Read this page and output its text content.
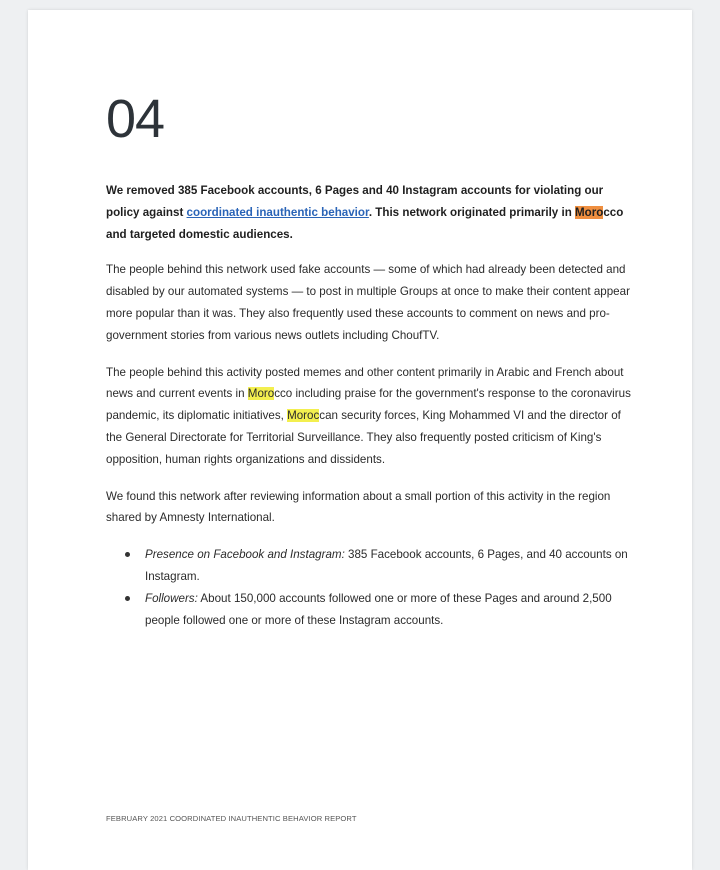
04

We removed 385 Facebook accounts, 6 Pages and 40 Instagram accounts for violating our policy against coordinated inauthentic behavior. This network originated primarily in Morocco and targeted domestic audiences.

The people behind this network used fake accounts — some of which had already been detected and disabled by our automated systems — to post in multiple Groups at once to make their content appear more popular than it was. They also frequently used these accounts to comment on news and pro-government stories from various news outlets including ChoufTV.

The people behind this activity posted memes and other content primarily in Arabic and French about news and current events in Morocco including praise for the government's response to the coronavirus pandemic, its diplomatic initiatives, Moroccan security forces, King Mohammed VI and the director of the General Directorate for Territorial Surveillance. They also frequently posted criticism of King's opposition, human rights organizations and dissidents.

We found this network after reviewing information about a small portion of this activity in the region shared by Amnesty International.

Presence on Facebook and Instagram: 385 Facebook accounts, 6 Pages, and 40 accounts on Instagram.
Followers: About 150,000 accounts followed one or more of these Pages and around 2,500 people followed one or more of these Instagram accounts.
FEBRUARY 2021 COORDINATED INAUTHENTIC BEHAVIOR REPORT
